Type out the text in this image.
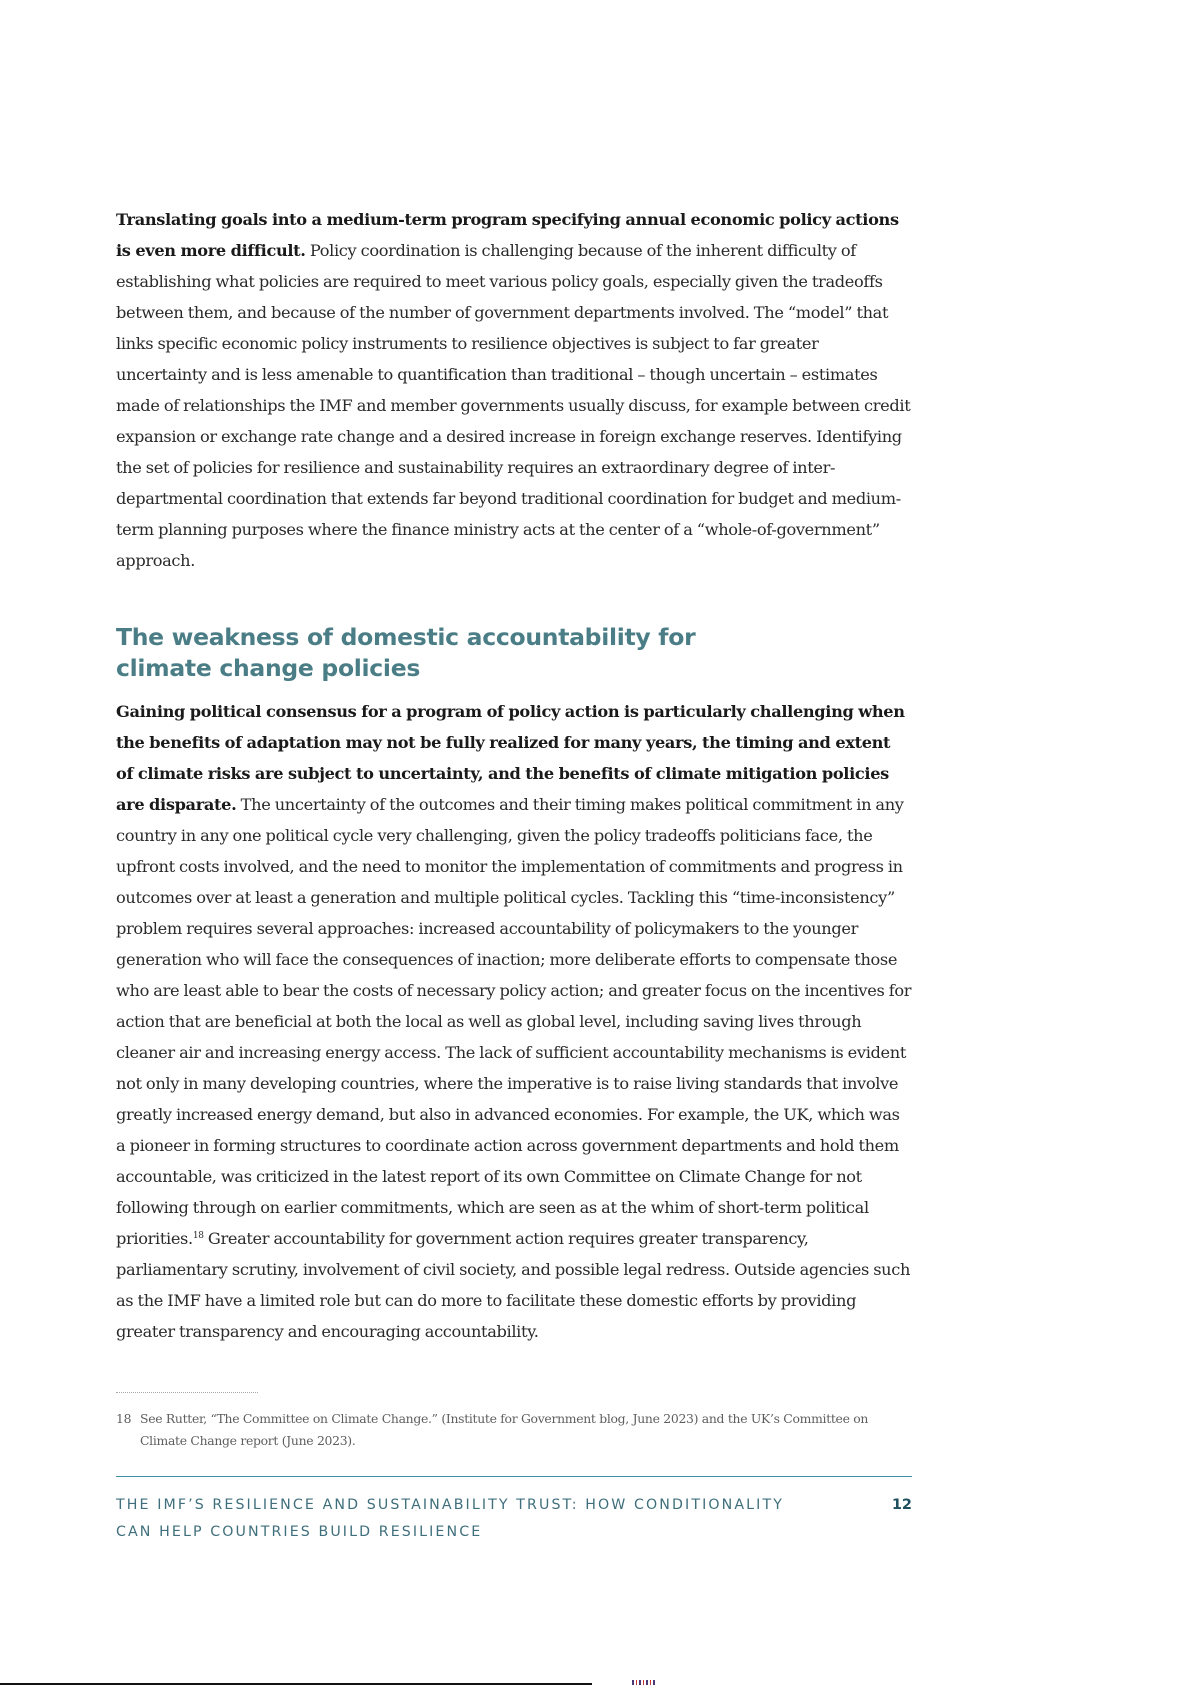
Translating goals into a medium-term program specifying annual economic policy actions is even more difficult. Policy coordination is challenging because of the inherent difficulty of establishing what policies are required to meet various policy goals, especially given the tradeoffs between them, and because of the number of government departments involved. The “model” that links specific economic policy instruments to resilience objectives is subject to far greater uncertainty and is less amenable to quantification than traditional – though uncertain – estimates made of relationships the IMF and member governments usually discuss, for example between credit expansion or exchange rate change and a desired increase in foreign exchange reserves. Identifying the set of policies for resilience and sustainability requires an extraordinary degree of inter-departmental coordination that extends far beyond traditional coordination for budget and medium-term planning purposes where the finance ministry acts at the center of a “whole-of-government” approach.

The weakness of domestic accountability for climate change policies

Gaining political consensus for a program of policy action is particularly challenging when the benefits of adaptation may not be fully realized for many years, the timing and extent of climate risks are subject to uncertainty, and the benefits of climate mitigation policies are disparate. The uncertainty of the outcomes and their timing makes political commitment in any country in any one political cycle very challenging, given the policy tradeoffs politicians face, the upfront costs involved, and the need to monitor the implementation of commitments and progress in outcomes over at least a generation and multiple political cycles. Tackling this “time-inconsistency” problem requires several approaches: increased accountability of policymakers to the younger generation who will face the consequences of inaction; more deliberate efforts to compensate those who are least able to bear the costs of necessary policy action; and greater focus on the incentives for action that are beneficial at both the local as well as global level, including saving lives through cleaner air and increasing energy access. The lack of sufficient accountability mechanisms is evident not only in many developing countries, where the imperative is to raise living standards that involve greatly increased energy demand, but also in advanced economies. For example, the UK, which was a pioneer in forming structures to coordinate action across government departments and hold them accountable, was criticized in the latest report of its own Committee on Climate Change for not following through on earlier commitments, which are seen as at the whim of short-term political priorities.$^{18}$ Greater accountability for government action requires greater transparency, parliamentary scrutiny, involvement of civil society, and possible legal redress. Outside agencies such as the IMF have a limited role but can do more to facilitate these domestic efforts by providing greater transparency and encouraging accountability.

18 See Rutter, “The Committee on Climate Change.” (Institute for Government blog, June 2023) and the UK’s Committee on Climate Change report (June 2023).
THE IMF’S RESILIENCE AND SUSTAINABILITY TRUST: HOW CONDITIONALITY CAN HELP COUNTRIES BUILD RESILIENCE
12
